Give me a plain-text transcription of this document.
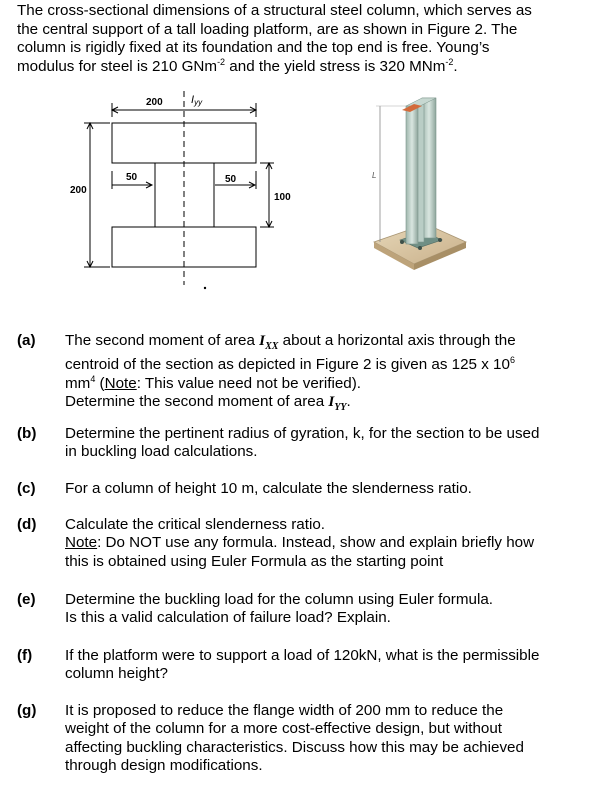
The cross-sectional dimensions of a structural steel column, which serves as
the central support of a tall loading platform, are as shown in Figure 2. The
column is rigidly fixed at its foundation and the top end is free. Young’s
modulus for steel is 210 GNm$^{-2}$ and the yield stress is 320 MNm$^{-2}$.
200	Iyy
50	50
200
100
L
(a)	The second moment of area $I_{XX}$ about a horizontal axis through the
centroid of the section as depicted in Figure 2 is given as 125 x $10^6$
$mm^4$ (Note: This value need not be verified).
Determine the second moment of area $I_{YY}$.
(b)	Determine the pertinent radius of gyration, k, for the section to be used
in buckling load calculations.
(c)	For a column of height 10 m, calculate the slenderness ratio.
(d)	Calculate the critical slenderness ratio.
Note: Do NOT use any formula. Instead, show and explain briefly how
this is obtained using Euler Formula as the starting point
(e)	Determine the buckling load for the column using Euler formula.
Is this a valid calculation of failure load? Explain.
(f)	If the platform were to support a load of 120kN, what is the permissible
column height?
(g)	It is proposed to reduce the flange width of 200 mm to reduce the
weight of the column for a more cost-effective design, but without
affecting buckling characteristics. Discuss how this may be achieved
through design modifications.
